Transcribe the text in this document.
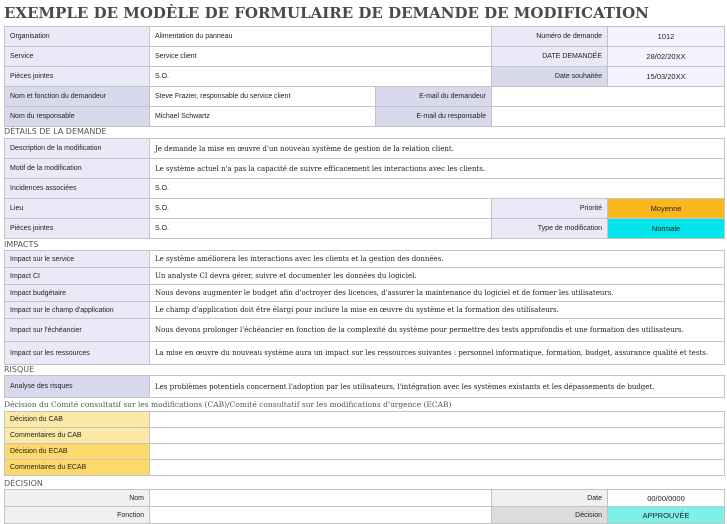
EXEMPLE DE MODÈLE DE FORMULAIRE DE DEMANDE DE MODIFICATION
Organisation	Alimentation du panneau		Numéro de demande	1012
Service	Service client		DATE DEMANDÉE	28/02/20XX
Pièces jointes	S.O.		Date souhaitée	15/03/20XX
Nom et fonction du demandeur	Steve Frazier, responsable du service client	E-mail du demandeur		
Nom du responsable	Michael Schwartz	E-mail du responsable		
DÉTAILS DE LA DEMANDE
Description de la modification	Je demande la mise en œuvre d'un nouveau système de gestion de la relation client.		
Motif de la modification	Le système actuel n'a pas la capacité de suivre efficacement les interactions avec les clients.		
Incidences associées	S.O.		
Lieu	S.O.	Priorité	Moyenne
Pièces jointes	S.O.	Type de modification	Normale
IMPACTS
Impact sur le service	Le système améliorera les interactions avec les clients et la gestion des données.
Impact CI	Un analyste CI devra gérer, suivre et documenter les données du logiciel.
Impact budgétaire	Nous devons augmenter le budget afin d'octroyer des licences, d'assurer la maintenance du logiciel et de former les utilisateurs.
Impact sur le champ d'application	Le champ d'application doit être élargi pour inclure la mise en œuvre du système et la formation des utilisateurs.
Impact sur l'échéancier	Nous devons prolonger l'échéancier en fonction de la complexité du système pour permettre des tests approfondis et une formation des utilisateurs.
Impact sur les ressources	La mise en œuvre du nouveau système aura un impact sur les ressources suivantes : personnel informatique, formation, budget, assurance qualité et tests.
RISQUE
Analyse des risques	Les problèmes potentiels concernent l'adoption par les utilisateurs, l'intégration avec les systèmes existants et les dépassements de budget.
Décision du Comité consultatif sur les modifications (CAB)/Comité consultatif sur les modifications d'urgence (ECAB)
Décision du CAB	
Commentaires du CAB	
Décision du ECAB	
Commentaires du ECAB	
DÉCISION
Nom		Date	00/00/0000
Fonction		Décision	APPROUVÉE
